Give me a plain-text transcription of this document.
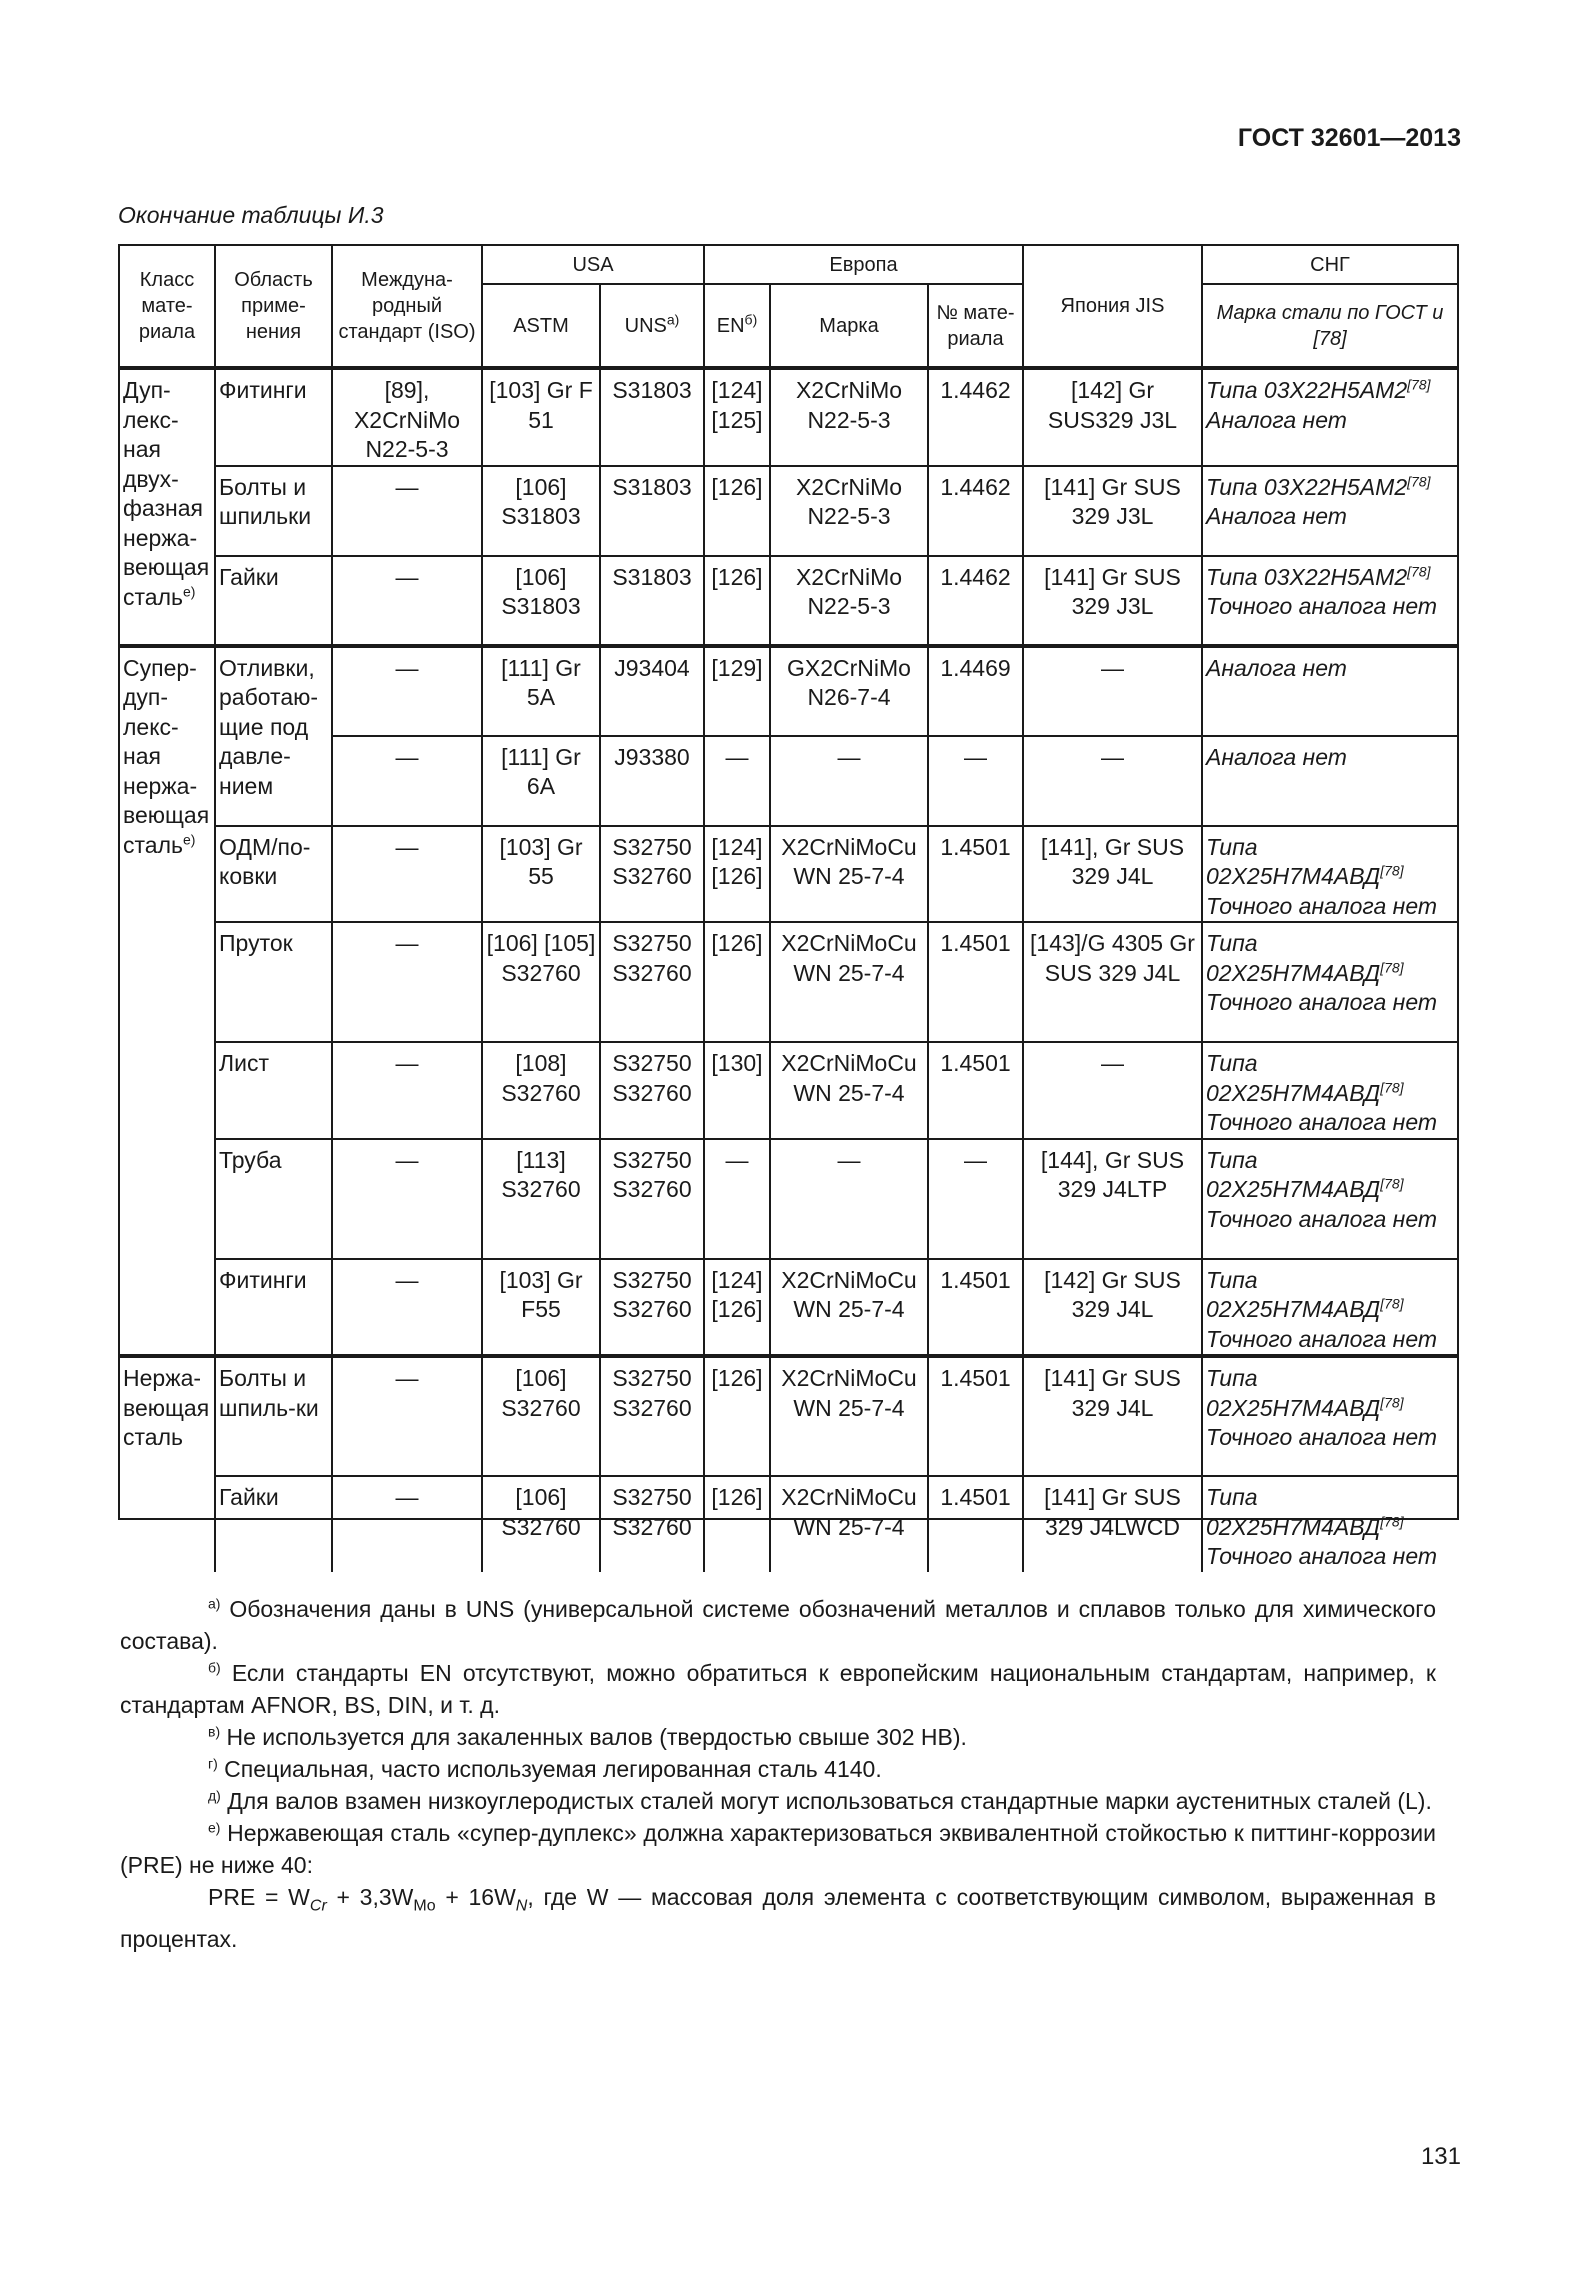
ГОСТ 32601—2013
Окончание таблицы И.3
Класс мате-риала	Область приме-нения	Междуна-родный стандарт (ISO)	USA		Европа			Япония JIS	СНГ
			ASTM	$UNS^{а)}$	$EN^{б)}$	Марка	№ мате-риала		Марка стали по ГОСТ и [78]
Дуп-лекс-ная двух-фазная нержа-веющая сталь$^{е)}$	Фитинги	[89], X2CrNiMo N22-5-3	[103] Gr F 51	S31803	[124] [125]	X2CrNiMo N22-5-3	1.4462	[142] Gr SUS329 J3L	Типа 03Х22Н5АМ2[78]
Аналога нет
	Болты и шпильки	—	[106] S31803	S31803	[126]	X2CrNiMo N22-5-3	1.4462	[141] Gr SUS 329 J3L	Типа 03Х22Н5АМ2[78]
Аналога нет
	Гайки	—	[106] S31803	S31803	[126]	X2CrNiMo N22-5-3	1.4462	[141] Gr SUS 329 J3L	Типа 03Х22Н5АМ2[78]
Точного аналога нет
Супер-дуп-лекс-ная нержа-веющая сталь$^{е)}$	Отливки, работаю-щие под давле-нием	—	[111] Gr 5A	J93404	[129]	GX2CrNiMo N26-7-4	1.4469	—	Аналога нет
		—	[111] Gr 6A	J93380	—	—	—	—	Аналога нет
	ОДМ/по-ковки	—	[103] Gr 55	S32750 S32760	[124] [126]	X2CrNiMoCu WN 25-7-4	1.4501	[141], Gr SUS 329 J4L	Типа 02Х25Н7М4АВД[78]
Точного аналога нет
	Пруток	—	[106] [105] S32760	S32750 S32760	[126]	X2CrNiMoCu WN 25-7-4	1.4501	[143]/G 4305 Gr SUS 329 J4L	Типа 02Х25Н7М4АВД[78]
Точного аналога нет
	Лист	—	[108] S32760	S32750 S32760	[130]	X2CrNiMoCu WN 25-7-4	1.4501	—	Типа 02Х25Н7М4АВД[78]
Точного аналога нет
	Труба	—	[113] S32760	S32750 S32760	—	—	—	[144], Gr SUS 329 J4LTP	Типа 02Х25Н7М4АВД[78]
Точного аналога нет
	Фитинги	—	[103] Gr F55	S32750 S32760	[124] [126]	X2CrNiMoCu WN 25-7-4	1.4501	[142] Gr SUS 329 J4L	Типа 02Х25Н7М4АВД[78]
Точного аналога нет
Нержа-веющая сталь	Болты и шпиль-ки	—	[106] S32760	S32750 S32760	[126]	X2CrNiMoCu WN 25-7-4	1.4501	[141] Gr SUS 329 J4L	Типа 02Х25Н7М4АВД[78]
Точного аналога нет
	Гайки	—	[106] S32760	S32750 S32760	[126]	X2CrNiMoCu WN 25-7-4	1.4501	[141] Gr SUS 329 J4LWCD	Типа 02Х25Н7М4АВД[78]
Точного аналога нет

$^{а)}$ Обозначения даны в UNS (универсальной системе обозначений металлов и сплавов только для химического состава).

$^{б)}$ Если стандарты EN отсутствуют, можно обратиться к европейским национальным стандартам, например, к стандартам AFNOR, BS, DIN, и т. д.

$^{в)}$ Не используется для закаленных валов (твердостью свыше 302 НВ).

$^{г)}$ Специальная, часто используемая легированная сталь 4140.

$^{д)}$ Для валов взамен низкоуглеродистых сталей могут использоваться стандартные марки аустенитных сталей (L).

$^{е)}$ Нержавеющая сталь «супер-дуплекс» должна характеризоваться эквивалентной стойкостью к питтинг-коррозии (PRE) не ниже 40:

PRE = $W_{Cr} + 3,3W_{Mo} + 16W_N$, где W — массовая доля элемента с соответствующим символом, выраженная в процентах.

131
